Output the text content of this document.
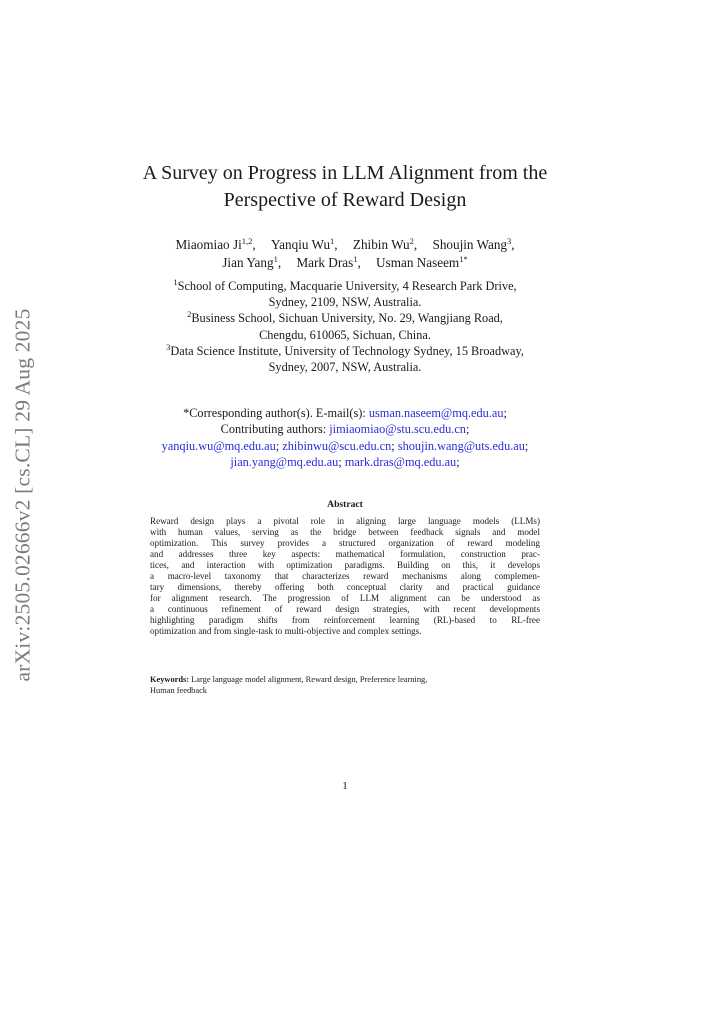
arXiv:2505.02666v2 [cs.CL] 29 Aug 2025
A Survey on Progress in LLM Alignment from the
Perspective of Reward Design
Miaomiao Ji$^{1,2}$, Yanqiu Wu$^1$, Zhibin Wu$^2$, Shoujin Wang$^3$,
Jian Yang$^1$, Mark Dras$^1$, Usman Naseem$^{1*}$
$^1$School of Computing, Macquarie University, 4 Research Park Drive,
Sydney, 2109, NSW, Australia.
$^2$Business School, Sichuan University, No. 29, Wangjiang Road,
Chengdu, 610065, Sichuan, China.
$^3$Data Science Institute, University of Technology Sydney, 15 Broadway,
Sydney, 2007, NSW, Australia.
*Corresponding author(s). E-mail(s): usman.naseem@mq.edu.au;
Contributing authors: jimiaomiao@stu.scu.edu.cn;
yanqiu.wu@mq.edu.au; zhibinwu@scu.edu.cn; shoujin.wang@uts.edu.au;
jian.yang@mq.edu.au; mark.dras@mq.edu.au;
Abstract
Reward design plays a pivotal role in aligning large language models (LLMs)
with human values, serving as the bridge between feedback signals and model
optimization. This survey provides a structured organization of reward modeling
and addresses three key aspects: mathematical formulation, construction prac-
tices, and interaction with optimization paradigms. Building on this, it develops
a macro-level taxonomy that characterizes reward mechanisms along complemen-
tary dimensions, thereby offering both conceptual clarity and practical guidance
for alignment research. The progression of LLM alignment can be understood as
a continuous refinement of reward design strategies, with recent developments
highlighting paradigm shifts from reinforcement learning (RL)-based to RL-free
optimization and from single-task to multi-objective and complex settings.
Keywords: Large language model alignment, Reward design, Preference learning,
Human feedback
1
